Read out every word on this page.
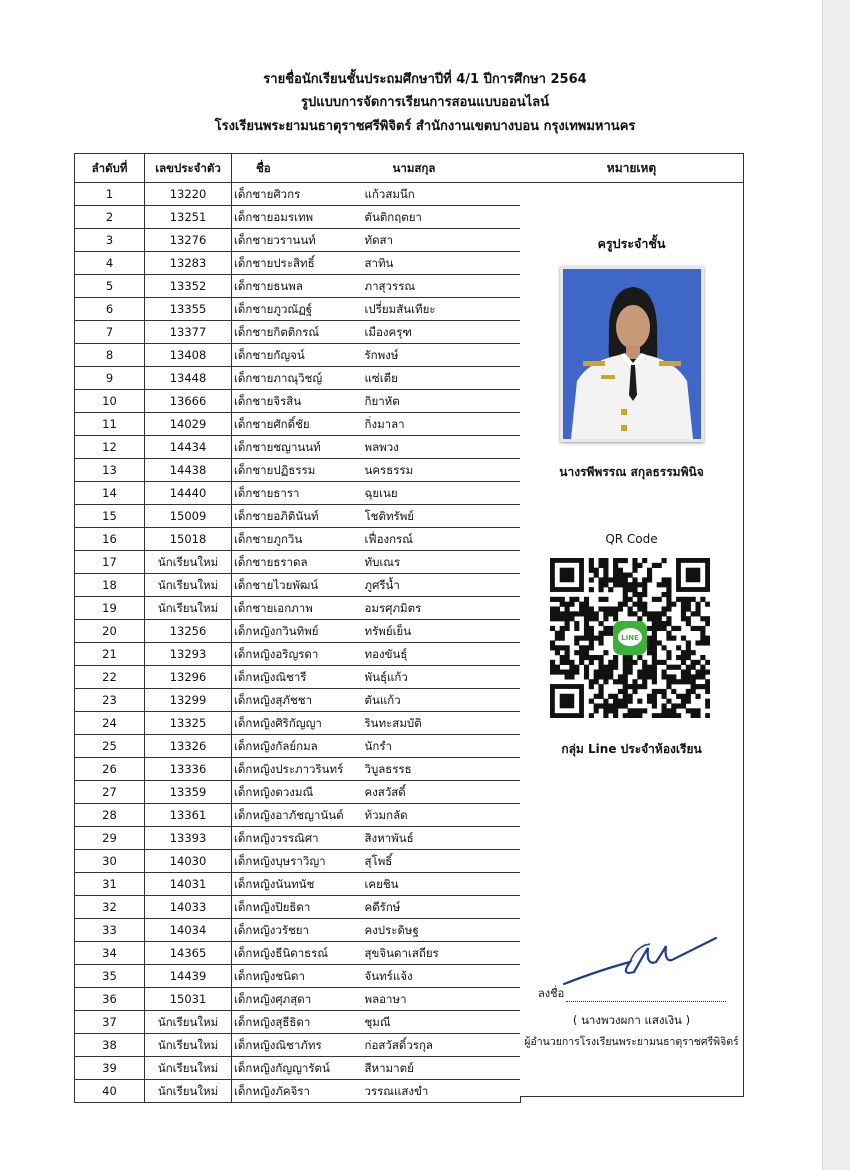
รายชื่อนักเรียนชั้นประถมศึกษาปีที่ 4/1 ปีการศึกษา 2564
รูปแบบการจัดการเรียนการสอนแบบออนไลน์
โรงเรียนพระยามนธาตุราชศรีพิจิตร์ สำนักงานเขตบางบอน กรุงเทพมหานคร
ลำดับที่	เลขประจำตัว	ชื่อ	นามสกุล
1	13220	เด็กชายศิวกร	แก้วสมนึก
2	13251	เด็กชายอมรเทพ	ตันติกฤตยา
3	13276	เด็กชายวรานนท์	ทัดสา
4	13283	เด็กชายประสิทธิ์	สาทิน
5	13352	เด็กชายธนพล	ภาสุวรรณ
6	13355	เด็กชายภูวณัฏฐ์	เปรี่ยมสันเทียะ
7	13377	เด็กชายกิตติกรณ์	เมืองครุฑ
8	13408	เด็กชายกัญจน์	รักพงษ์
9	13448	เด็กชายภาณุวิชญ์	แซ่เตีย
10	13666	เด็กชายจิรสิน	กิยาหัต
11	14029	เด็กชายศักดิ์ชัย	กิ่งมาลา
12	14434	เด็กชายชญานนท์	พลพวง
13	14438	เด็กชายปฏิธรรม	นครธรรม
14	14440	เด็กชายธารา	ฉุยเนย
15	15009	เด็กชายอภิตินันท์	โชติทรัพย์
16	15018	เด็กชายภูกวิน	เฟื่องกรณ์
17	นักเรียนใหม่	เด็กชายธราดล	ทับเณร
18	นักเรียนใหม่	เด็กชายไวยพัฒน์	ภูศรีน้ำ
19	นักเรียนใหม่	เด็กชายเอกภาพ	อมรศุภมิตร
20	13256	เด็กหญิงกวินทิพย์	ทรัพย์เย็น
21	13293	เด็กหญิงอริญรดา	ทองขันธุ์
22	13296	เด็กหญิงณิชารี	พันธุ์แก้ว
23	13299	เด็กหญิงสุภัชชา	ตันแก้ว
24	13325	เด็กหญิงศิริกัญญา	รินทะสมบัติ
25	13326	เด็กหญิงกัลย์กมล	นักรำ
26	13336	เด็กหญิงประภาวรินทร์	วิบูลธรรธ
27	13359	เด็กหญิงดวงมณี	คงสวัสดิ์
28	13361	เด็กหญิงอาภัชญานันต์	ท้วมกลัด
29	13393	เด็กหญิงวรรณิศา	สิงหาพันธ์
30	14030	เด็กหญิงบุษราวิญา	สุโพธิ์
31	14031	เด็กหญิงนันทนัช	เคยชิน
32	14033	เด็กหญิงปิยธิดา	คดีรักษ์
33	14034	เด็กหญิงวรัชยา	คงประดิษฐ
34	14365	เด็กหญิงธีนิดาธรณ์	สุขจินดาเสถียร
35	14439	เด็กหญิงชนิดา	จันทร์แจ้ง
36	15031	เด็กหญิงศุภสุดา	พลอาษา
37	นักเรียนใหม่	เด็กหญิงสุธีธิดา	ชุมณี
38	นักเรียนใหม่	เด็กหญิงณิชาภัทร	ก่อสวัสดิ์วรกุล
39	นักเรียนใหม่	เด็กหญิงกัญญารัตน์	สีหามาตย์
40	นักเรียนใหม่	เด็กหญิงภัคจิรา	วรรณแสงขำ
หมายเหตุ
ครูประจำชั้น
นางรพีพรรณ สกุลธรรมพินิจ
QR Code
LINE
กลุ่ม Line ประจำห้องเรียน
ลงชื่อ
( นางพวงผกา แสงเงิน )
ผู้อำนวยการโรงเรียนพระยามนธาตุราชศรีพิจิตร์
